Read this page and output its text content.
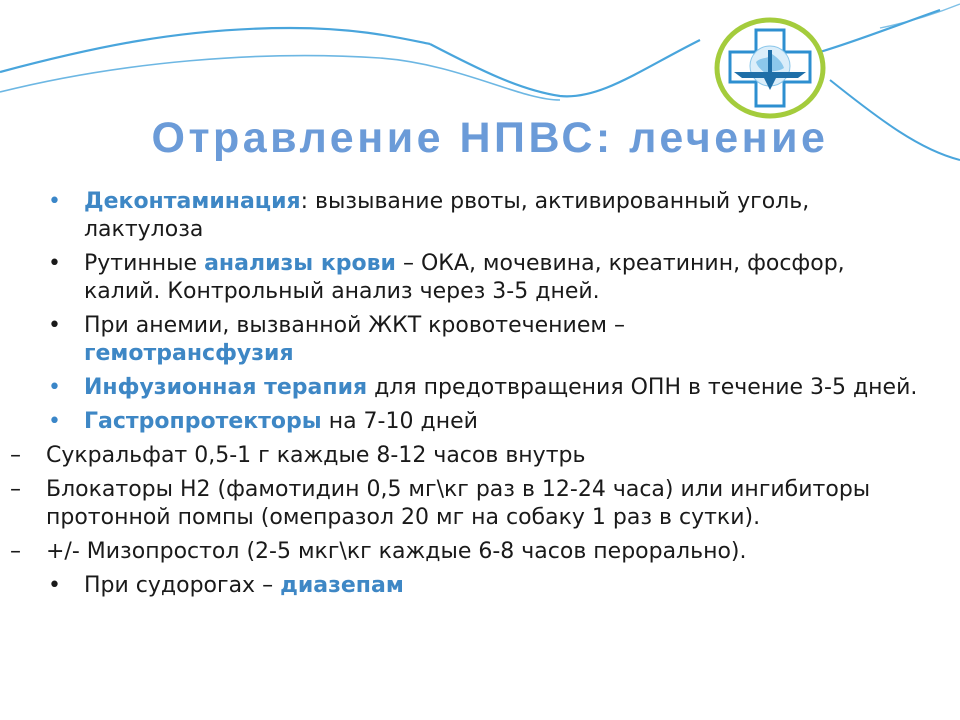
Отравление НПВС: лечение
• Деконтаминация: вызывание рвоты, активированный уголь, лактулоза
• Рутинные анализы крови – ОКА, мочевина, креатинин, фосфор, калий. Контрольный анализ через 3-5 дней.
• При анемии, вызванной ЖКТ кровотечением –
гемотрансфузия
• Инфузионная терапия для предотвращения ОПН в течение 3-5 дней.
• Гастропротекторы на 7-10 дней
– Сукральфат 0,5-1 г каждые 8-12 часов внутрь
– Блокаторы Н2 (фамотидин 0,5 мг\кг раз в 12-24 часа) или ингибиторы протонной помпы (омепразол 20 мг на собаку 1 раз в сутки).
– +/- Мизопростол (2-5 мкг\кг каждые 6-8 часов перорально).
• При судорогах – диазепам
